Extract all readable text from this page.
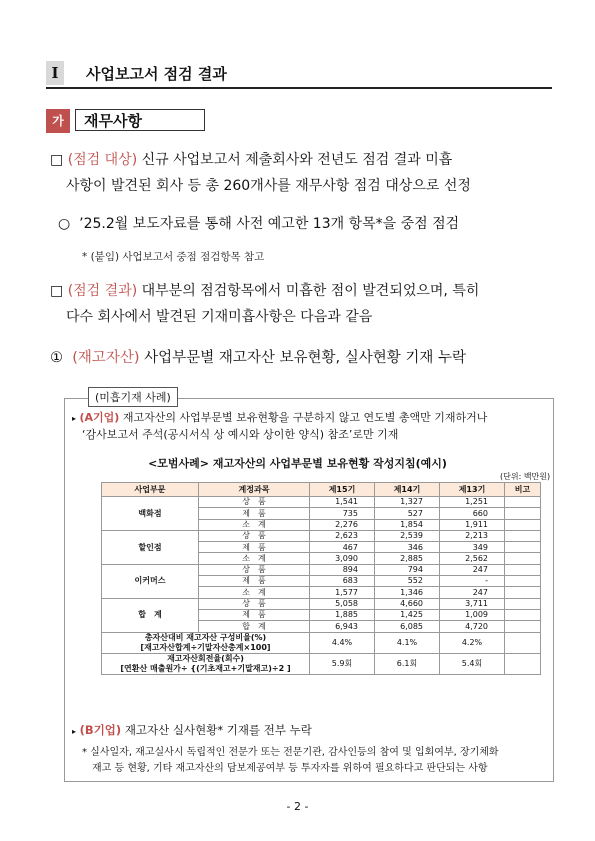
I	사업보고서 점검 결과
가	재무사항
□ (점검 대상) 신규 사업보고서 제출회사와 전년도 점검 결과 미흡
사항이 발견된 회사 등 총 260개사를 재무사항 점검 대상으로 선정
○ ’25.2월 보도자료를 통해 사전 예고한 13개 항목*을 중점 점검
* (붙임) 사업보고서 중점 점검항목 참고
□ (점검 결과) 대부분의 점검항목에서 미흡한 점이 발견되었으며, 특히
다수 회사에서 발견된 기재미흡사항은 다음과 같음
① (재고자산) 사업부문별 재고자산 보유현황, 실사현황 기재 누락
(미흡기재 사례)
▸ (A기업) 재고자산의 사업부문별 보유현황을 구분하지 않고 연도별 총액만 기재하거나
‘감사보고서 주석(공시서식 상 예시와 상이한 양식) 참조’로만 기재
<모범사례> 재고자산의 사업부문별 보유현황 작성지침(예시)
(단위: 백만원)
사업부문	계정과목	제15기	제14기	제13기	비고
백화점	상　품	1,541	1,327	1,251	
	제　품	735	527	660	
	소　계	2,276	1,854	1,911	
할인점	상　품	2,623	2,539	2,213	
	제　품	467	346	349	
	소　계	3,090	2,885	2,562	
이커머스	상　품	894	794	247	
	제　품	683	552	-	
	소　계	1,577	1,346	247	
합　계	상　품	5,058	4,660	3,711	
	제　품	1,885	1,425	1,009	
	합　계	6,943	6,085	4,720	

총자산대비 재고자산 구성비율(%)
[재고자산합계÷기말자산총계×100]		4.4%	4.1%	4.2%	

재고자산회전율(회수)
[연환산 매출원가÷ {(기초재고+기말재고)÷2 ]		5.9회	6.1회	5.4회	
▸ (B기업) 재고자산 실사현황* 기재를 전부 누락
* 실사일자, 재고실사시 독립적인 전문가 또는 전문기관, 감사인등의 참여 및 입회여부, 장기체화
재고 등 현황, 기타 재고자산의 담보제공여부 등 투자자를 위하여 필요하다고 판단되는 사항
- 2 -
